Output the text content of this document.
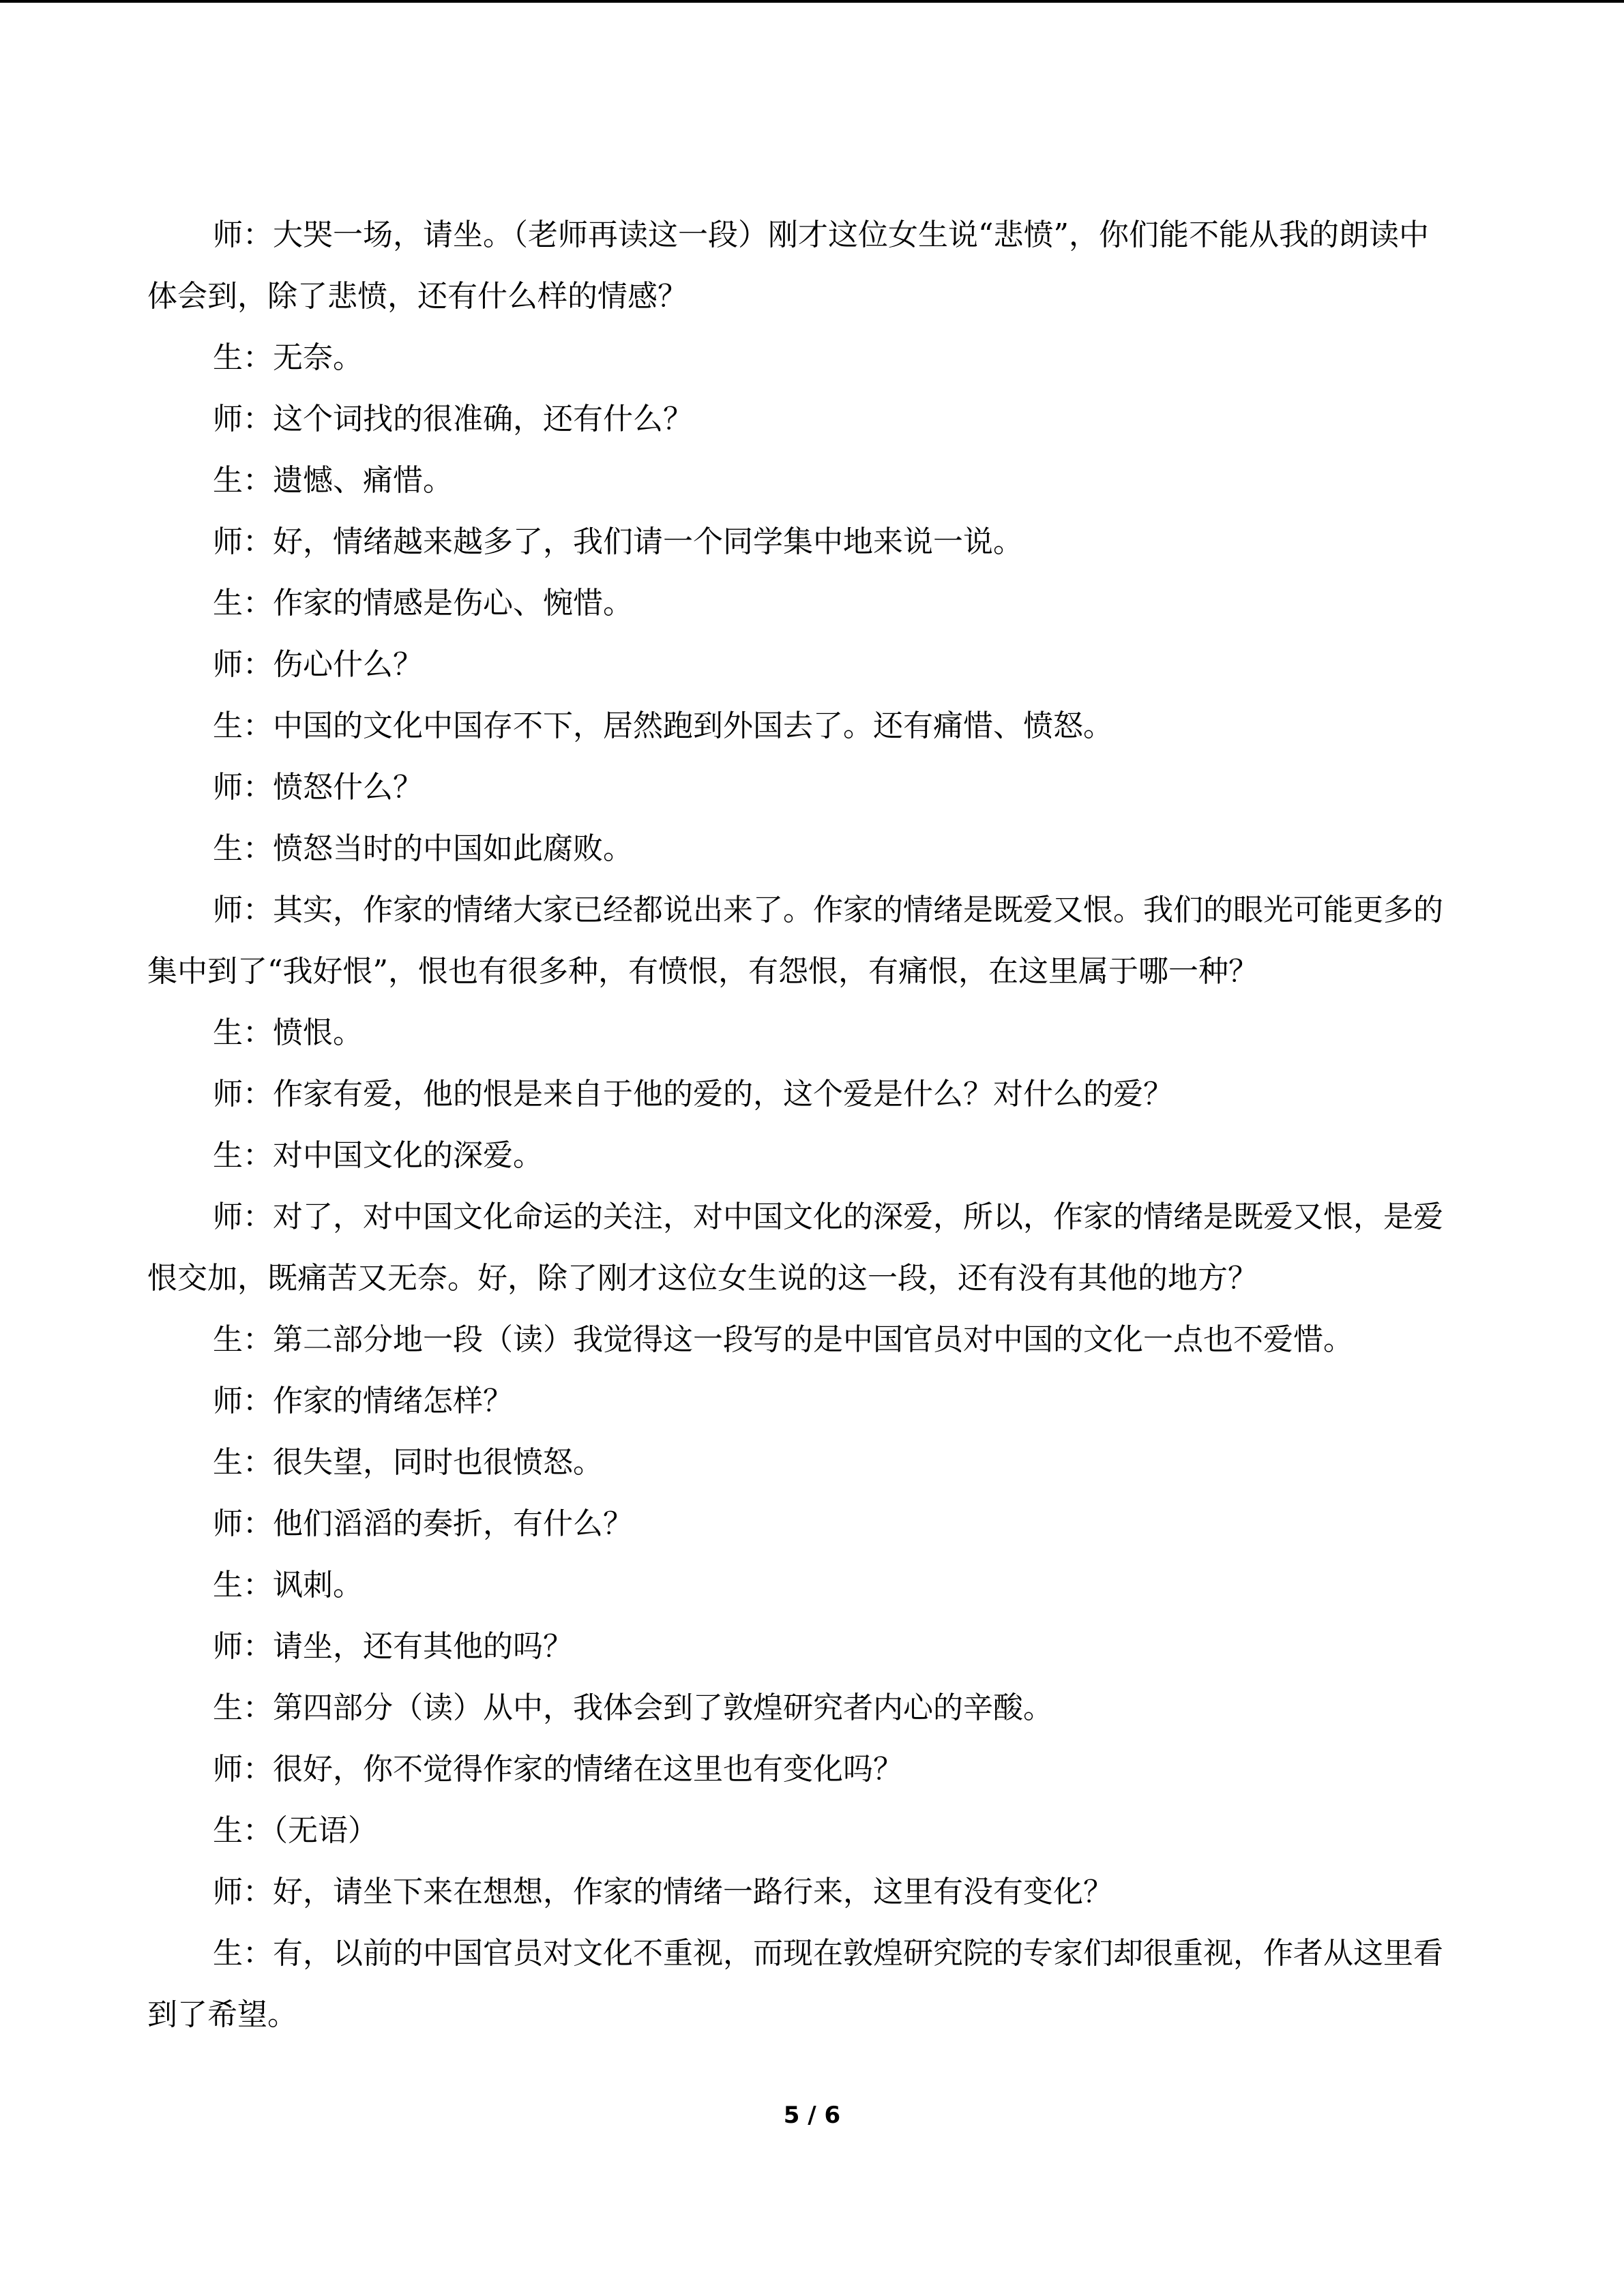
师：大哭一场，请坐。（老师再读这一段）刚才这位女生说“悲愤”，你们能不能从我的朗读中体会到，除了悲愤，还有什么样的情感？

生：无奈。

师：这个词找的很准确，还有什么？

生：遗憾、痛惜。

师：好，情绪越来越多了，我们请一个同学集中地来说一说。

生：作家的情感是伤心、惋惜。

师：伤心什么？

生：中国的文化中国存不下，居然跑到外国去了。还有痛惜、愤怒。

师：愤怒什么？

生：愤怒当时的中国如此腐败。

师：其实，作家的情绪大家已经都说出来了。作家的情绪是既爱又恨。我们的眼光可能更多的集中到了“我好恨”，恨也有很多种，有愤恨，有怨恨，有痛恨，在这里属于哪一种？

生：愤恨。

师：作家有爱，他的恨是来自于他的爱的，这个爱是什么？对什么的爱？

生：对中国文化的深爱。

师：对了，对中国文化命运的关注，对中国文化的深爱，所以，作家的情绪是既爱又恨，是爱恨交加，既痛苦又无奈。好，除了刚才这位女生说的这一段，还有没有其他的地方？

生：第二部分地一段（读）我觉得这一段写的是中国官员对中国的文化一点也不爱惜。

师：作家的情绪怎样？

生：很失望，同时也很愤怒。

师：他们滔滔的奏折，有什么？

生：讽刺。

师：请坐，还有其他的吗？

生：第四部分（读）从中，我体会到了敦煌研究者内心的辛酸。

师：很好，你不觉得作家的情绪在这里也有变化吗？

生：（无语）

师：好，请坐下来在想想，作家的情绪一路行来，这里有没有变化？

生：有，以前的中国官员对文化不重视，而现在敦煌研究院的专家们却很重视，作者从这里看到了希望。

5 / 6
